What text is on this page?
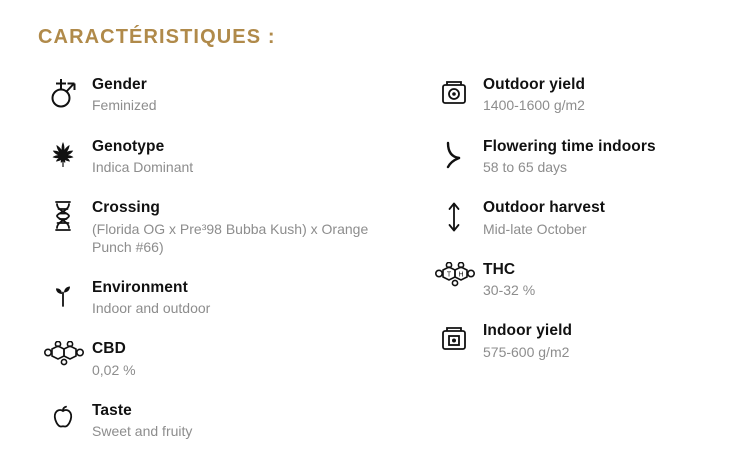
CARACTÉRISTIQUES :
Gender
Feminized
Genotype
Indica Dominant
Crossing
(Florida OG x Pre³98 Bubba Kush) x Orange Punch #66)
Environment
Indoor and outdoor
CBD
0,02 %
Taste
Sweet and fruity
Outdoor yield
1400-1600 g/m2
Flowering time indoors
58 to 65 days
Outdoor harvest
Mid-late October
T H THC
30-32 %
Indoor yield
575-600 g/m2
